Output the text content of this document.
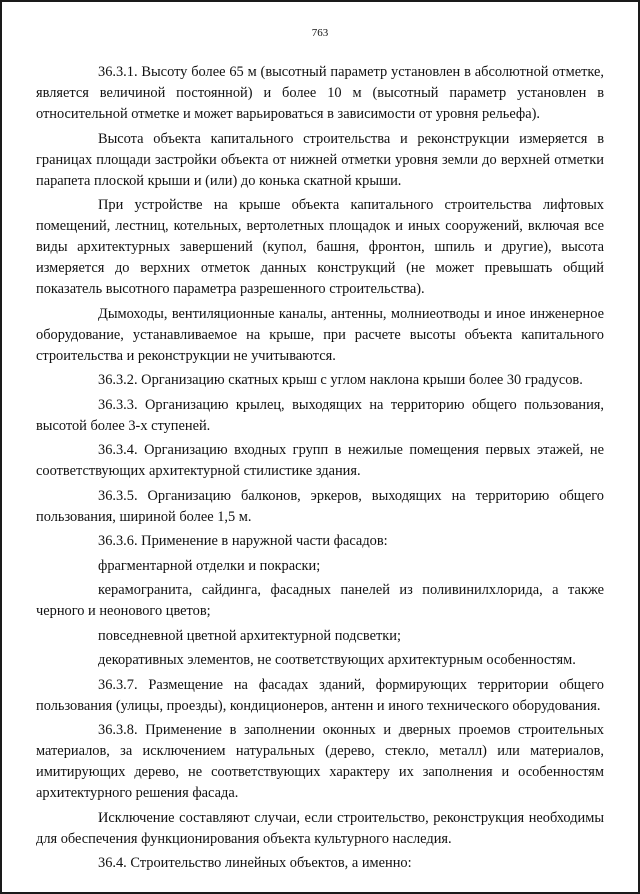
763

36.3.1. Высоту более 65 м (высотный параметр установлен в абсолютной отметке, является величиной постоянной) и более 10 м (высотный параметр установлен в относительной отметке и может варьироваться в зависимости от уровня рельефа).

Высота объекта капитального строительства и реконструкции измеряется в границах площади застройки объекта от нижней отметки уровня земли до верхней отметки парапета плоской крыши и (или) до конька скатной крыши.

При устройстве на крыше объекта капитального строительства лифтовых помещений, лестниц, котельных, вертолетных площадок и иных сооружений, включая все виды архитектурных завершений (купол, башня, фронтон, шпиль и другие), высота измеряется до верхних отметок данных конструкций (не может превышать общий показатель высотного параметра разрешенного строительства).

Дымоходы, вентиляционные каналы, антенны, молниеотводы и иное инженерное оборудование, устанавливаемое на крыше, при расчете высоты объекта капитального строительства и реконструкции не учитываются.

36.3.2. Организацию скатных крыш с углом наклона крыши более 30 градусов.

36.3.3. Организацию крылец, выходящих на территорию общего пользования, высотой более 3-х ступеней.

36.3.4. Организацию входных групп в нежилые помещения первых этажей, не соответствующих архитектурной стилистике здания.

36.3.5. Организацию балконов, эркеров, выходящих на территорию общего пользования, шириной более 1,5 м.

36.3.6. Применение в наружной части фасадов:

фрагментарной отделки и покраски;

керамогранита, сайдинга, фасадных панелей из поливинилхлорида, а также черного и неонового цветов;

повседневной цветной архитектурной подсветки;

декоративных элементов, не соответствующих архитектурным особенностям.

36.3.7. Размещение на фасадах зданий, формирующих территории общего пользования (улицы, проезды), кондиционеров, антенн и иного технического оборудования.

36.3.8. Применение в заполнении оконных и дверных проемов строительных материалов, за исключением натуральных (дерево, стекло, металл) или материалов, имитирующих дерево, не соответствующих характеру их заполнения и особенностям архитектурного решения фасада.

Исключение составляют случаи, если строительство, реконструкция необходимы для обеспечения функционирования объекта культурного наследия.

36.4. Строительство линейных объектов, а именно:
